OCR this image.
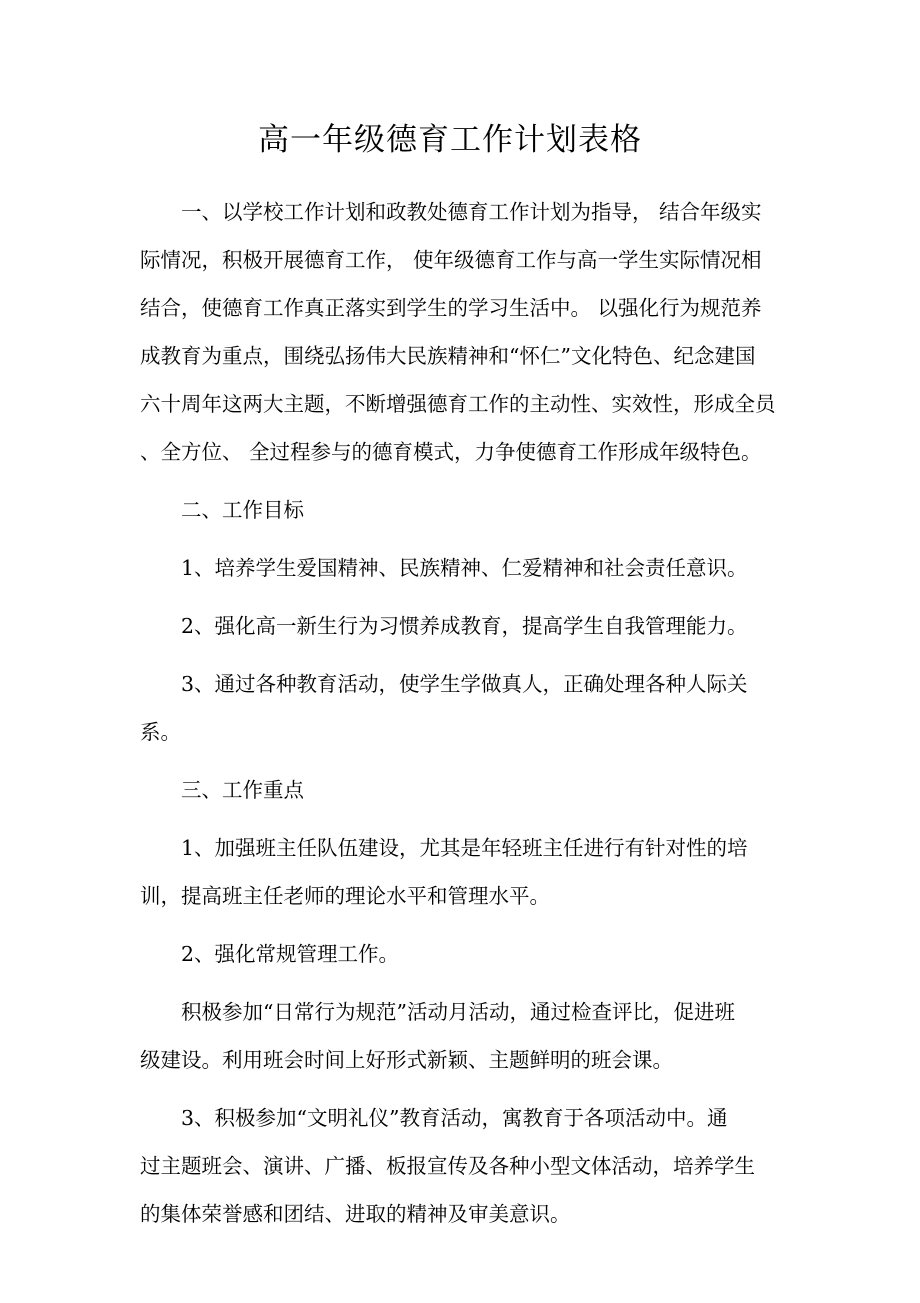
高一年级德育工作计划表格

一、以学校工作计划和政教处德育工作计划为指导， 结合年级实
际情况，积极开展德育工作， 使年级德育工作与高一学生实际情况相
结合，使德育工作真正落实到学生的学习生活中。 以强化行为规范养
成教育为重点，围绕弘扬伟大民族精神和“怀仁”文化特色、纪念建国
六十周年这两大主题，不断增强德育工作的主动性、实效性，形成全员
、全方位、 全过程参与的德育模式，力争使德育工作形成年级特色。

二、工作目标

1、培养学生爱国精神、民族精神、仁爱精神和社会责任意识。

2、强化高一新生行为习惯养成教育，提高学生自我管理能力。

3、通过各种教育活动，使学生学做真人，正确处理各种人际关
系。

三、工作重点

1、加强班主任队伍建设，尤其是年轻班主任进行有针对性的培
训，提高班主任老师的理论水平和管理水平。

2、强化常规管理工作。

积极参加“日常行为规范”活动月活动，通过检查评比，促进班
级建设。利用班会时间上好形式新颖、主题鲜明的班会课。

3、积极参加“文明礼仪”教育活动，寓教育于各项活动中。通
过主题班会、演讲、广播、板报宣传及各种小型文体活动，培养学生
的集体荣誉感和团结、进取的精神及审美意识。
